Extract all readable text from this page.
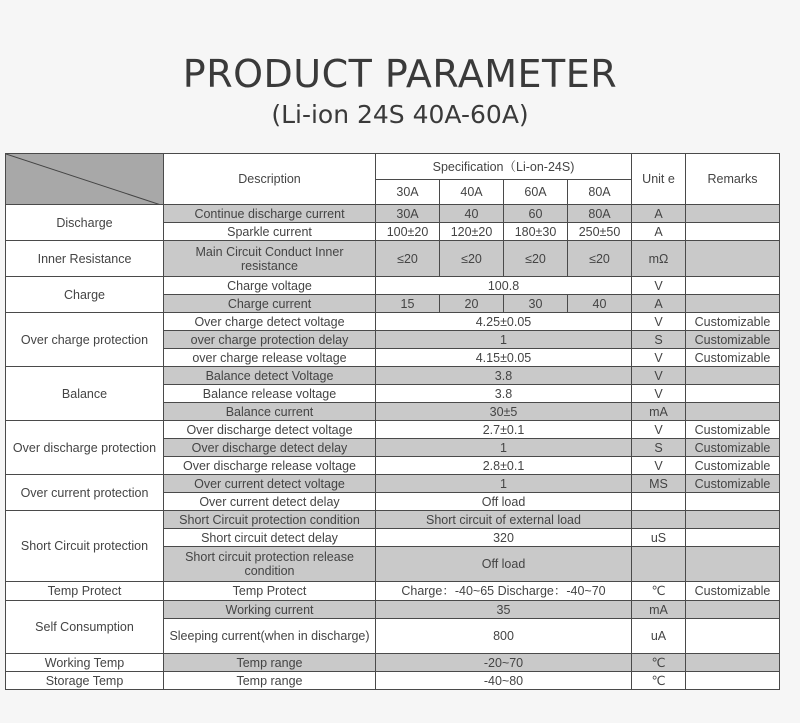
PRODUCT PARAMETER
(Li-ion 24S 40A-60A)
	Description	Specification（Li-on-24S)				Unit e	Remarks
		30A	40A	60A	80A		
Discharge	Continue discharge current	30A	40	60	80A	A	
	Sparkle current	100±20	120±20	180±30	250±50	A	
Inner Resistance	Main Circuit Conduct Inner resistance	≤20	≤20	≤20	≤20	mΩ	
Charge	Charge voltage	100.8				V	
	Charge current	15	20	30	40	A	
Over charge protection	Over charge detect voltage	4.25±0.05				V	Customizable
	over charge protection delay	1				S	Customizable
	over charge release voltage	4.15±0.05				V	Customizable
Balance	Balance detect Voltage	3.8				V	
	Balance release voltage	3.8				V	
	Balance current	30±5				mA	
Over discharge protection	Over discharge detect voltage	2.7±0.1				V	Customizable
	Over discharge detect delay	1				S	Customizable
	Over discharge release voltage	2.8±0.1				V	Customizable
Over current protection	Over current detect voltage	1				MS	Customizable
	Over current detect delay	Off load					
Short Circuit protection	Short Circuit protection condition	Short circuit of external load					
	Short circuit detect delay	320				uS	
	Short circuit protection release condition	Off load					
Temp Protect	Temp Protect	Charge：-40~65 Discharge：-40~70				℃	Customizable
Self Consumption	Working current	35				mA	
	Sleeping current(when in discharge)	800				uA	
Working Temp	Temp range	-20~70				℃	
Storage Temp	Temp range	-40~80				℃	
